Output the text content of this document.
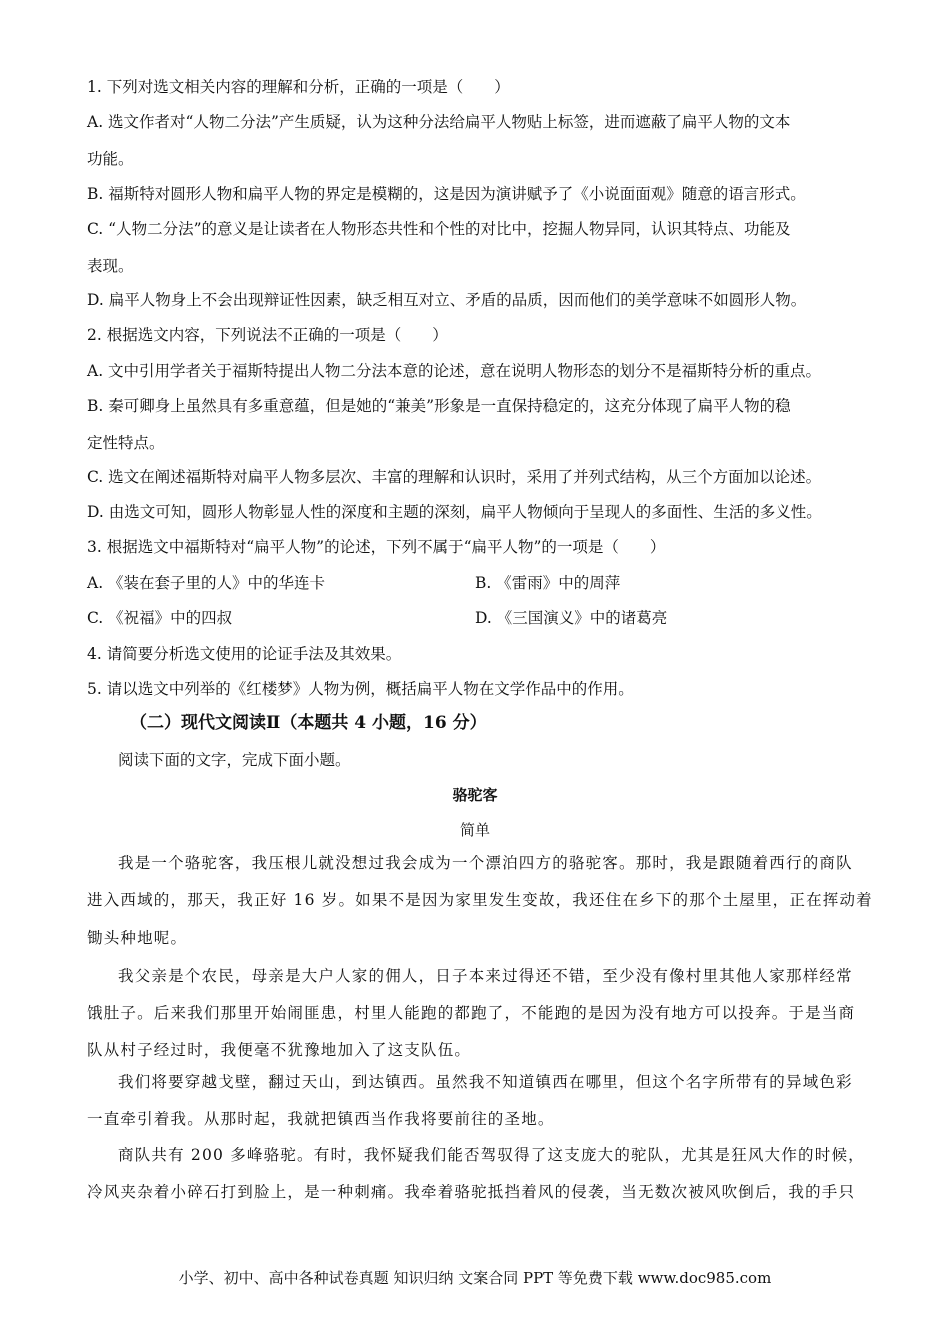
1. 下列对选文相关内容的理解和分析，正确的一项是（　　）
A. 选文作者对“人物二分法”产生质疑，认为这种分法给扁平人物贴上标签，进而遮蔽了扁平人物的文本
功能。
B. 福斯特对圆形人物和扁平人物的界定是模糊的，这是因为演讲赋予了《小说面面观》随意的语言形式。
C. “人物二分法”的意义是让读者在人物形态共性和个性的对比中，挖掘人物异同，认识其特点、功能及
表现。
D. 扁平人物身上不会出现辩证性因素，缺乏相互对立、矛盾的品质，因而他们的美学意味不如圆形人物。
2. 根据选文内容，下列说法不正确的一项是（　　）
A. 文中引用学者关于福斯特提出人物二分法本意的论述，意在说明人物形态的划分不是福斯特分析的重点。
B. 秦可卿身上虽然具有多重意蕴，但是她的“兼美”形象是一直保持稳定的，这充分体现了扁平人物的稳
定性特点。
C. 选文在阐述福斯特对扁平人物多层次、丰富的理解和认识时，采用了并列式结构，从三个方面加以论述。
D. 由选文可知，圆形人物彰显人性的深度和主题的深刻，扁平人物倾向于呈现人的多面性、生活的多义性。
3. 根据选文中福斯特对“扁平人物”的论述，下列不属于“扁平人物”的一项是（　　）
A. 《装在套子里的人》中的华连卡	B. 《雷雨》中的周萍
C. 《祝福》中的四叔	D. 《三国演义》中的诸葛亮
4. 请简要分析选文使用的论证手法及其效果。
5. 请以选文中列举的《红楼梦》人物为例，概括扁平人物在文学作品中的作用。
（二）现代文阅读Ⅱ（本题共 4 小题，16 分）
阅读下面的文字，完成下面小题。
骆驼客
简单
我是一个骆驼客，我压根儿就没想过我会成为一个漂泊四方的骆驼客。那时，我是跟随着西行的商队
进入西域的，那天，我正好 16 岁。如果不是因为家里发生变故，我还住在乡下的那个土屋里，正在挥动着
锄头种地呢。
我父亲是个农民，母亲是大户人家的佣人，日子本来过得还不错，至少没有像村里其他人家那样经常
饿肚子。后来我们那里开始闹匪患，村里人能跑的都跑了，不能跑的是因为没有地方可以投奔。于是当商
队从村子经过时，我便毫不犹豫地加入了这支队伍。
我们将要穿越戈壁，翻过天山，到达镇西。虽然我不知道镇西在哪里，但这个名字所带有的异域色彩
一直牵引着我。从那时起，我就把镇西当作我将要前往的圣地。
商队共有 200 多峰骆驼。有时，我怀疑我们能否驾驭得了这支庞大的驼队，尤其是狂风大作的时候，
冷风夹杂着小碎石打到脸上，是一种刺痛。我牵着骆驼抵挡着风的侵袭，当无数次被风吹倒后，我的手只
小学、初中、高中各种试卷真题 知识归纳 文案合同 PPT 等免费下载 www.doc985.com
